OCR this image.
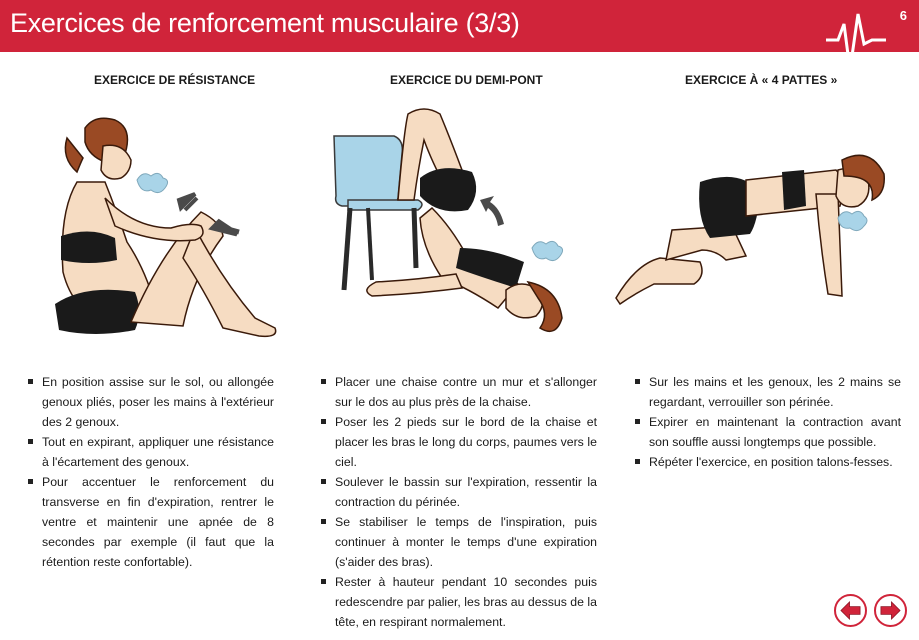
Exercices de renforcement musculaire (3/3)	6
EXERCICE DE RÉSISTANCE
En position assise sur le sol, ou allongée genoux pliés, poser les mains à l'extérieur des 2 genoux.
Tout en expirant, appliquer une résistance à l'écartement des genoux.
Pour accentuer le renforcement du transverse en fin d'expiration, rentrer le ventre et maintenir une apnée de 8 secondes par exemple (il faut que la rétention reste confortable).
EXERCICE DU DEMI-PONT
Placer une chaise contre un mur et s'allonger sur le dos au plus près de la chaise.
Poser les 2 pieds sur le bord de la chaise et placer les bras le long du corps, paumes vers le ciel.
Soulever le bassin sur l'expiration, ressentir la contraction du périnée.
Se stabiliser le temps de l'inspiration, puis continuer à monter le temps d'une expiration (s'aider des bras).
Rester à hauteur pendant 10 secondes puis redescendre par palier, les bras au dessus de la tête, en respirant normalement.
EXERCICE À « 4 PATTES »
Sur les mains et les genoux, les 2 mains se regardant, verrouiller son périnée.
Expirer en maintenant la contraction avant son souffle aussi longtemps que possible.
Répéter l'exercice, en position talons-fesses.
